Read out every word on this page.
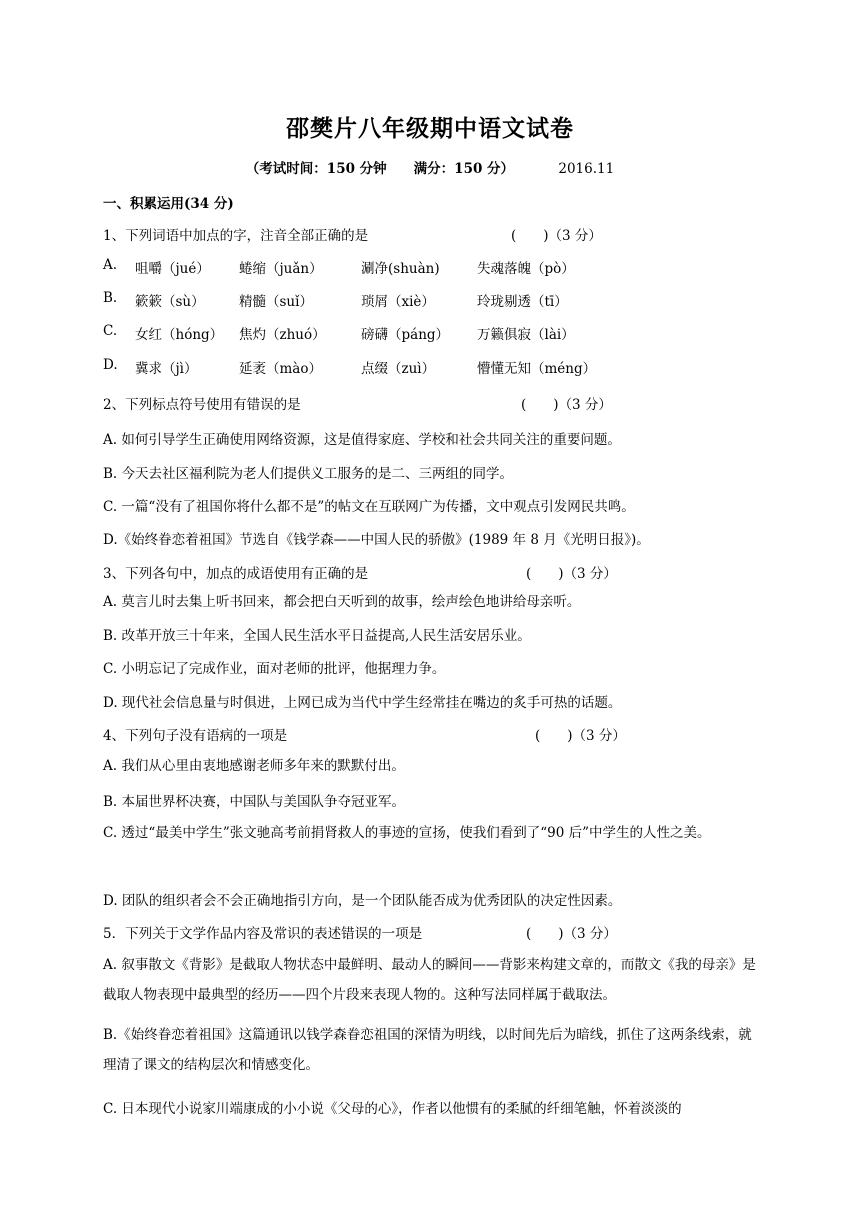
邵樊片八年级期中语文试卷
（考试时间：150 分钟　　满分：150 分）	2016.11
一、积累运用(34 分)
1、下列词语中加点的字，注音全部正确的是	(　　)（3 分）
A.	咀嚼（jué）	蜷缩（juǎn）	涮净(shuàn)	失魂落魄（pò）
B.	簌簌（sù）	精髓（suǐ）	琐屑（xiè）	玲珑剔透（tī）
C.	女红（hóng）	焦灼（zhuó）	磅礴（páng）	万籁俱寂（lài）
D.	冀求（jì）	延袤（mào）	点缀（zuì）	懵懂无知（méng）
2、下列标点符号使用有错误的是	(　　)（3 分）
A. 如何引导学生正确使用网络资源，这是值得家庭、学校和社会共同关注的重要问题。
B. 今天去社区福利院为老人们提供义工服务的是二、三两组的同学。
C. 一篇“没有了祖国你将什么都不是”的帖文在互联网广为传播，文中观点引发网民共鸣。
D.《始终眷恋着祖国》节选自《钱学森——中国人民的骄傲》(1989 年 8 月《光明日报》)。
3、下列各句中，加点的成语使用有正确的是	(　　)（3 分）
A. 莫言儿时去集上听书回来，都会把白天听到的故事，绘声绘色地讲给母亲听。
B. 改革开放三十年来，全国人民生活水平日益提高,人民生活安居乐业。
C. 小明忘记了完成作业，面对老师的批评，他据理力争。
D. 现代社会信息量与时俱进，上网已成为当代中学生经常挂在嘴边的炙手可热的话题。
4、下列句子没有语病的一项是	(　　)（3 分）
A. 我们从心里由衷地感谢老师多年来的默默付出。
B. 本届世界杯决赛，中国队与美国队争夺冠亚军。
C. 透过“最美中学生”张文驰高考前捐肾救人的事迹的宣扬，使我们看到了“90 后”中学生的人性之美。
D. 团队的组织者会不会正确地指引方向，是一个团队能否成为优秀团队的决定性因素。
5．下列关于文学作品内容及常识的表述错误的一项是	(　　)（3 分）
A. 叙事散文《背影》是截取人物状态中最鲜明、最动人的瞬间——背影来构建文章的，而散文《我的母亲》是截取人物表现中最典型的经历——四个片段来表现人物的。这种写法同样属于截取法。
B.《始终眷恋着祖国》这篇通讯以钱学森眷恋祖国的深情为明线，以时间先后为暗线，抓住了这两条线索，就理清了课文的结构层次和情感变化。
C. 日本现代小说家川端康成的小小说《父母的心》，作者以他惯有的柔腻的纤细笔触，怀着淡淡的
